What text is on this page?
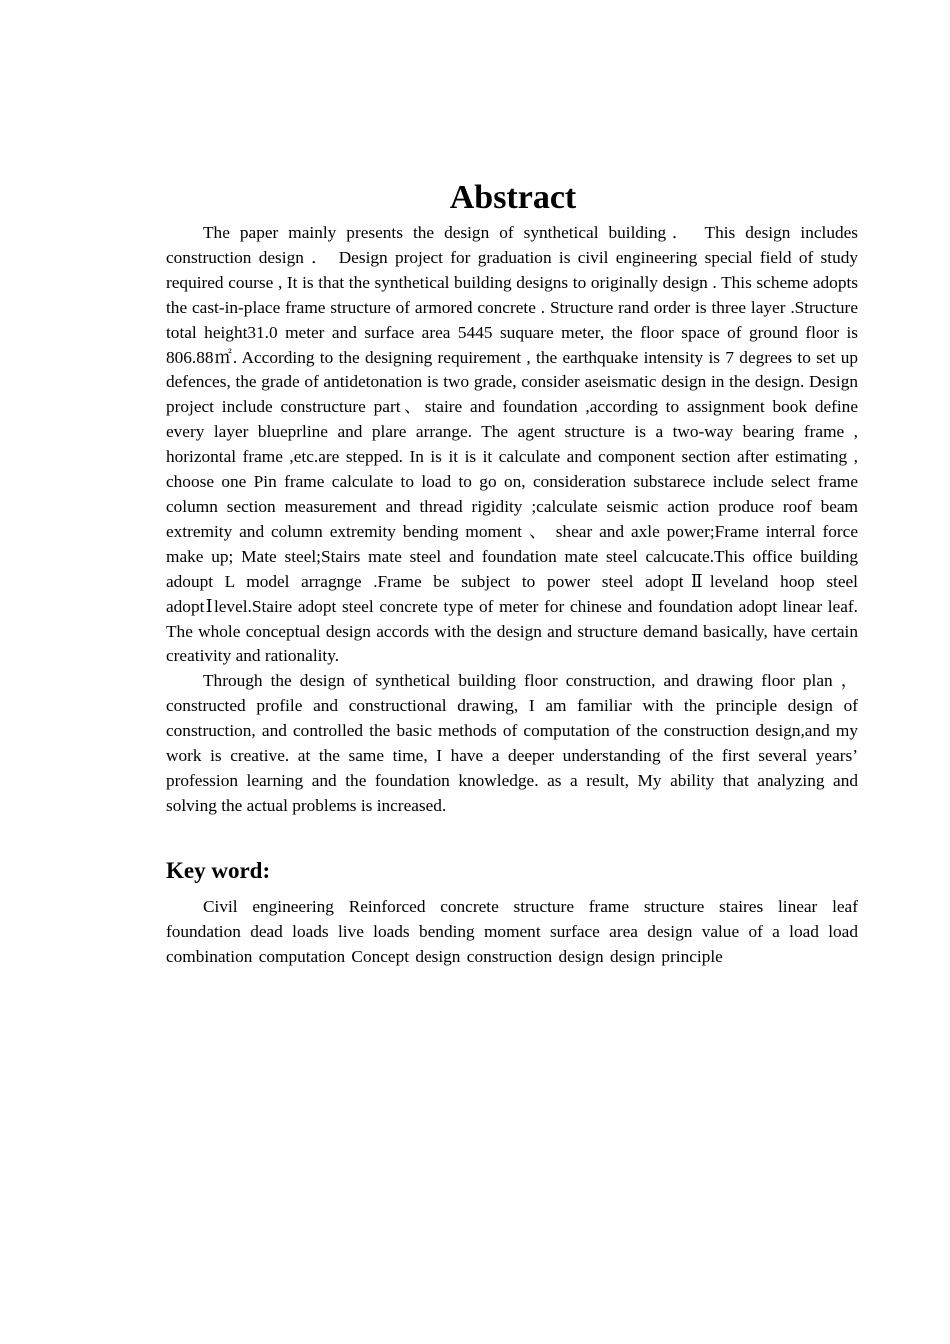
Abstract

The paper mainly presents the design of synthetical building． This design includes construction design ． Design project for graduation is civil engineering special field of study required course , It is that the synthetical building designs to originally design . This scheme adopts the cast-in-place frame structure of armored concrete . Structure rand order is three layer .Structure total height31.0 meter and surface area 5445 suquare meter, the floor space of ground floor is 806.88㎡. According to the designing requirement , the earthquake intensity is 7 degrees to set up defences, the grade of antidetonation is two grade, consider aseismatic design in the design. Design project include constructure part、staire and foundation ,according to assignment book define every layer blueprline and plare arrange. The agent structure is a two-way bearing frame , horizontal frame ,etc.are stepped. In is it is it calculate and component section after estimating , choose one Pin frame calculate to load to go on, consideration substarece include select frame column section measurement and thread rigidity ;calculate seismic action produce roof beam extremity and column extremity bending moment 、 shear and axle power;Frame interral force make up; Mate steel;Stairs mate steel and foundation mate steel calcucate.This office building adoupt L model arragnge .Frame be subject to power steel adoptⅡleveland hoop steel adoptⅠlevel.Staire adopt steel concrete type of meter for chinese and foundation adopt linear leaf. The whole conceptual design accords with the design and structure demand basically, have certain creativity and rationality.

Through the design of synthetical building floor construction, and drawing floor plan ，constructed profile and constructional drawing, I am familiar with the principle design of construction, and controlled the basic methods of computation of the construction design,and my work is creative. at the same time, I have a deeper understanding of the first several years’ profession learning and the foundation knowledge. as a result, My ability that analyzing and solving the actual problems is increased.

Key word:

Civil engineering Reinforced concrete structure frame structure staires linear leaf foundation dead loads live loads bending moment surface area design value of a load load combination computation Concept design construction design design principle
